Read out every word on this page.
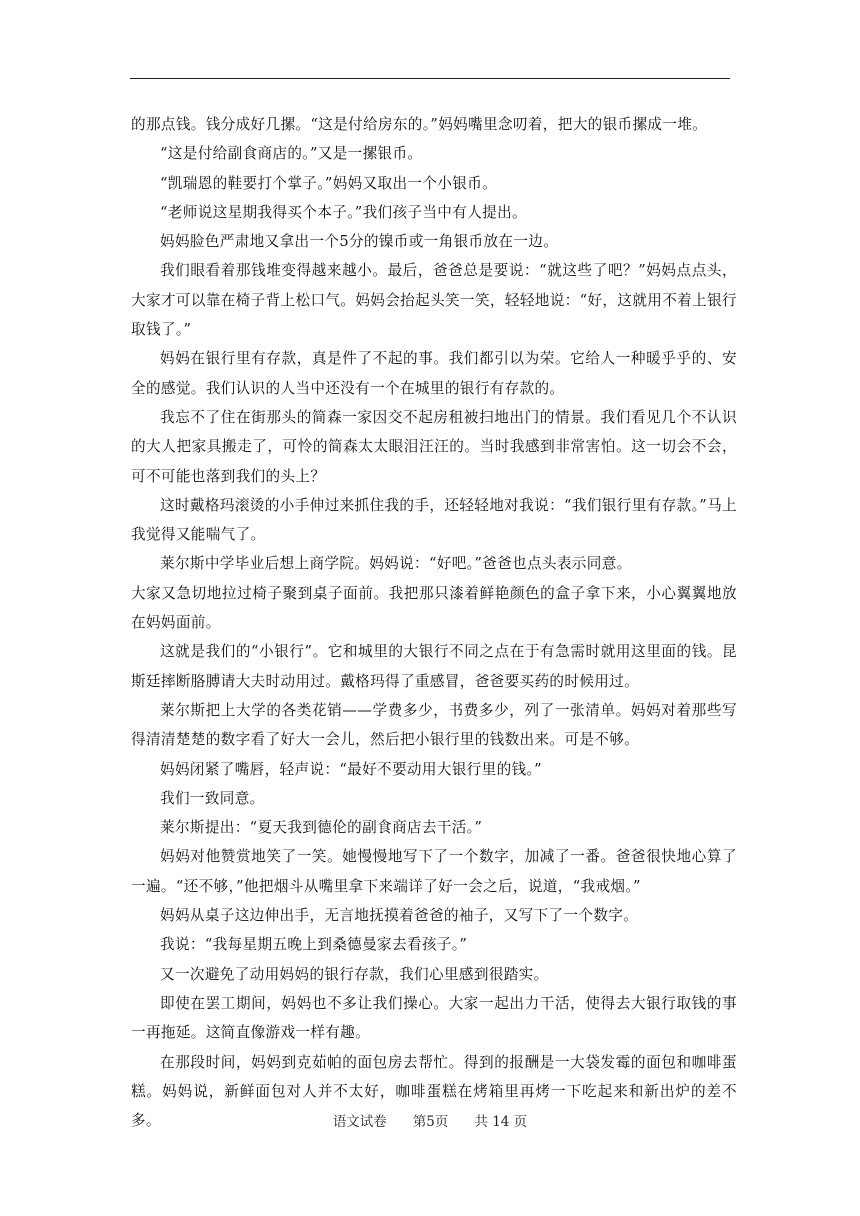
的那点钱。钱分成好几摞。“这是付给房东的。”妈妈嘴里念叨着，把大的银币摞成一堆。

“这是付给副食商店的。”又是一摞银币。

“凯瑞恩的鞋要打个掌子。”妈妈又取出一个小银币。

“老师说这星期我得买个本子。”我们孩子当中有人提出。

妈妈脸色严肃地又拿出一个5分的镍币或一角银币放在一边。

我们眼看着那钱堆变得越来越小。最后，爸爸总是要说：“就这些了吧？”妈妈点点头，大家才可以靠在椅子背上松口气。妈妈会抬起头笑一笑，轻轻地说：“好，这就用不着上银行取钱了。”

妈妈在银行里有存款，真是件了不起的事。我们都引以为荣。它给人一种暖乎乎的、安全的感觉。我们认识的人当中还没有一个在城里的银行有存款的。

我忘不了住在街那头的简森一家因交不起房租被扫地出门的情景。我们看见几个不认识的大人把家具搬走了，可怜的简森太太眼泪汪汪的。当时我感到非常害怕。这一切会不会，可不可能也落到我们的头上？

这时戴格玛滚烫的小手伸过来抓住我的手，还轻轻地对我说：“我们银行里有存款。”马上我觉得又能喘气了。

莱尔斯中学毕业后想上商学院。妈妈说：“好吧。”爸爸也点头表示同意。

大家又急切地拉过椅子聚到桌子面前。我把那只漆着鲜艳颜色的盒子拿下来，小心翼翼地放在妈妈面前。

这就是我们的“小银行”。它和城里的大银行不同之点在于有急需时就用这里面的钱。昆斯廷摔断胳膊请大夫时动用过。戴格玛得了重感冒，爸爸要买药的时候用过。

莱尔斯把上大学的各类花销——学费多少，书费多少，列了一张清单。妈妈对着那些写得清清楚楚的数字看了好大一会儿，然后把小银行里的钱数出来。可是不够。

妈妈闭紧了嘴唇，轻声说：“最好不要动用大银行里的钱。”

我们一致同意。

莱尔斯提出：“夏天我到德伦的副食商店去干活。”

妈妈对他赞赏地笑了一笑。她慢慢地写下了一个数字，加减了一番。爸爸很快地心算了一遍。“还不够，”他把烟斗从嘴里拿下来端详了好一会之后，说道，“我戒烟。”

妈妈从桌子这边伸出手，无言地抚摸着爸爸的袖子，又写下了一个数字。

我说：“我每星期五晚上到桑德曼家去看孩子。”

又一次避免了动用妈妈的银行存款，我们心里感到很踏实。

即使在罢工期间，妈妈也不多让我们操心。大家一起出力干活，使得去大银行取钱的事一再拖延。这简直像游戏一样有趣。

在那段时间，妈妈到克茹帕的面包房去帮忙。得到的报酬是一大袋发霉的面包和咖啡蛋糕。妈妈说，新鲜面包对人并不太好，咖啡蛋糕在烤箱里再烤一下吃起来和新出炉的差不多。	语文试卷 第5页 共 14 页
